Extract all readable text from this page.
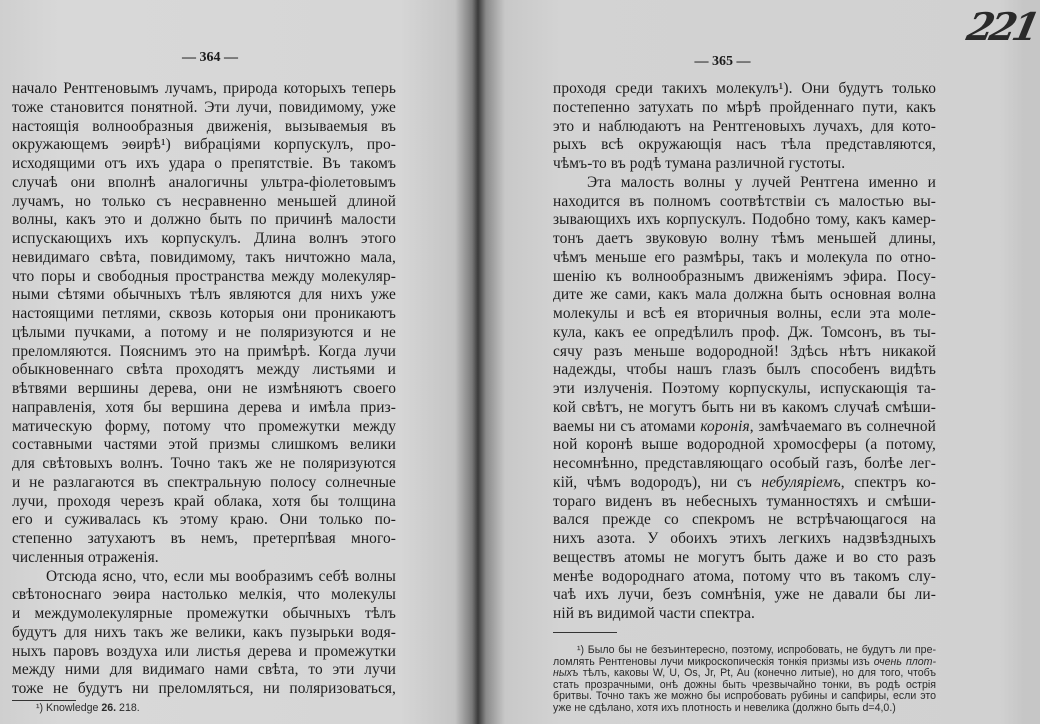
221
— 364 —
начало Рентгеновымъ лучамъ, природа которыхъ теперь
тоже становится понятной. Эти лучи, повидимому, уже
настоящія волнообразныя движенія, вызываемыя въ
окружающемъ эѳирѣ¹) вибраціями корпускулъ, про-
исходящими отъ ихъ удара о препятствіе. Въ такомъ
случаѣ они вполнѣ аналогичны ультра-фіолетовымъ
лучамъ, но только съ несравненно меньшей длиной
волны, какъ это и должно быть по причинѣ малости
испускающихъ ихъ корпускулъ. Длина волнъ этого
невидимаго свѣта, повидимому, такъ ничтожно мала,
что поры и свободныя пространства между молекуляр-
ными сѣтями обычныхъ тѣлъ являются для нихъ уже
настоящими петлями, сквозь которыя они проникаютъ
цѣлыми пучками, а потому и не поляризуются и не
преломляются. Пояснимъ это на примѣрѣ. Когда лучи
обыкновеннаго свѣта проходятъ между листьями и
вѣтвями вершины дерева, они не измѣняютъ своего
направленія, хотя бы вершина дерева и имѣла приз-
матическую форму, потому что промежутки между
составными частями этой призмы слишкомъ велики
для свѣтовыхъ волнъ. Точно такъ же не поляризуются
и не разлагаются въ спектральную полосу солнечные
лучи, проходя черезъ край облака, хотя бы толщина
его и суживалась къ этому краю. Они только по-
степенно затухаютъ въ немъ, претерпѣвая много-
численныя отраженія.
Отсюда ясно, что, если мы вообразимъ себѣ волны
свѣтоноснаго эѳира настолько мелкія, что молекулы
и междумолекулярные промежутки обычныхъ тѣлъ
будутъ для нихъ такъ же велики, какъ пузырьки водя-
ныхъ паровъ воздуха или листья дерева и промежутки
между ними для видимаго нами свѣта, то эти лучи
тоже не будутъ ни преломляться, ни поляризоваться,
¹) Knowledge 26. 218.
— 365 —
проходя среди такихъ молекулъ¹). Они будутъ только
постепенно затухать по мѣрѣ пройденнаго пути, какъ
это и наблюдаютъ на Рентгеновыхъ лучахъ, для кото-
рыхъ всѣ окружающія насъ тѣла представляются,
чѣмъ-то въ родѣ тумана различной густоты.
Эта малость волны у лучей Рентгена именно и
находится въ полномъ соотвѣтствіи съ малостью вы-
зывающихъ ихъ корпускулъ. Подобно тому, какъ камер-
тонъ даетъ звуковую волну тѣмъ меньшей длины,
чѣмъ меньше его размѣры, такъ и молекула по отно-
шенію къ волнообразнымъ движеніямъ эфира. Посу-
дите же сами, какъ мала должна быть основная волна
молекулы и всѣ ея вторичныя волны, если эта моле-
кула, какъ ее опредѣлилъ проф. Дж. Томсонъ, въ ты-
сячу разъ меньше водородной! Здѣсь нѣтъ никакой
надежды, чтобы нашъ глазъ былъ способенъ видѣть
эти излученія. Поэтому корпускулы, испускающія та-
кой свѣтъ, не могутъ быть ни въ какомъ случаѣ смѣши-
ваемы ни съ атомами коронія, замѣчаемаго въ солнечной
ной коронѣ выше водородной хромосферы (а потому,
несомнѣнно, представляющаго особый газъ, болѣе лег-
кій, чѣмъ водородъ), ни съ небуляріемъ, спектръ ко-
тораго виденъ въ небесныхъ туманностяхъ и смѣши-
вался прежде со спекромъ не встрѣчающагося на
нихъ азота. У обоихъ этихъ легкихъ надзвѣздныхъ
веществъ атомы не могутъ быть даже и во сто разъ
менѣе водороднаго атома, потому что въ такомъ слу-
чаѣ ихъ лучи, безъ сомнѣнія, уже не давали бы ли-
ній въ видимой части спектра.
¹) Было бы не безъинтересно, поэтому, испробовать, не будутъ ли пре-
ломлять Рентгеновы лучи микроскопическія тонкія призмы изъ очень плот-
ныхъ тѣлъ, каковы W, U, Os, Jr, Pt, Au (конечно литые), но для того, чтобъ
стать прозрачными, онѣ дожны быть чрезвычайно тонки, въ родѣ острія
бритвы. Точно такъ же можно бы испробовать рубины и сапфиры, если это
уже не сдѣлано, хотя ихъ плотность и невелика (должно быть d=4,0.)
